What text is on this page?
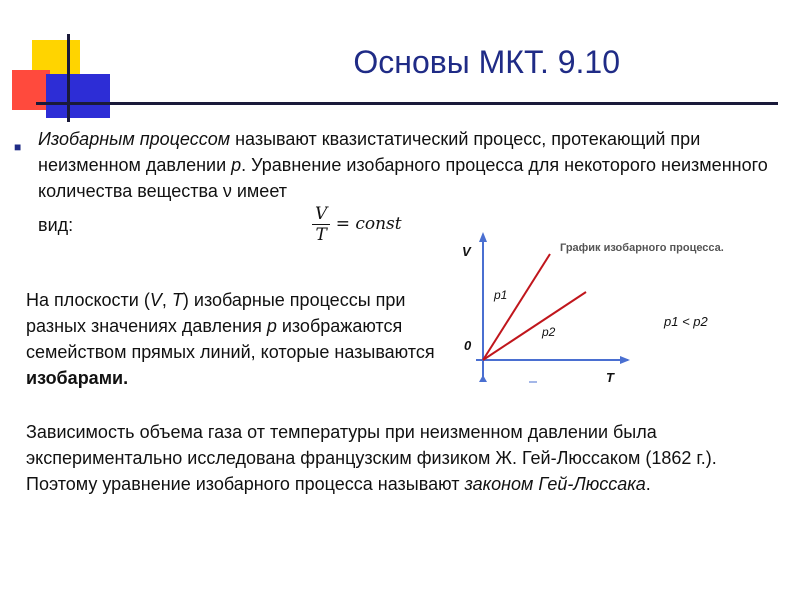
Основы МКТ. 9.10
■ Изобарным процессом называют квазистатический процесс, протекающий при неизменном давлении p. Уравнение изобарного процесса для некоторого неизменного количества вещества ν имеет
вид:	$\frac{V}{T}$ = const
На плоскости (V, T) изобарные процессы при разных значениях давления p изображаются семейством прямых линий, которые называются изобарами.
Зависимость объема газа от температуры при неизменном давлении была экспериментально исследована французским физиком Ж. Гей-Люссаком (1862 г.). Поэтому уравнение изобарного процесса называют законом Гей-Люссака.
V
T
0
p1
p2
График изобарного процесса.
p1 < p2
